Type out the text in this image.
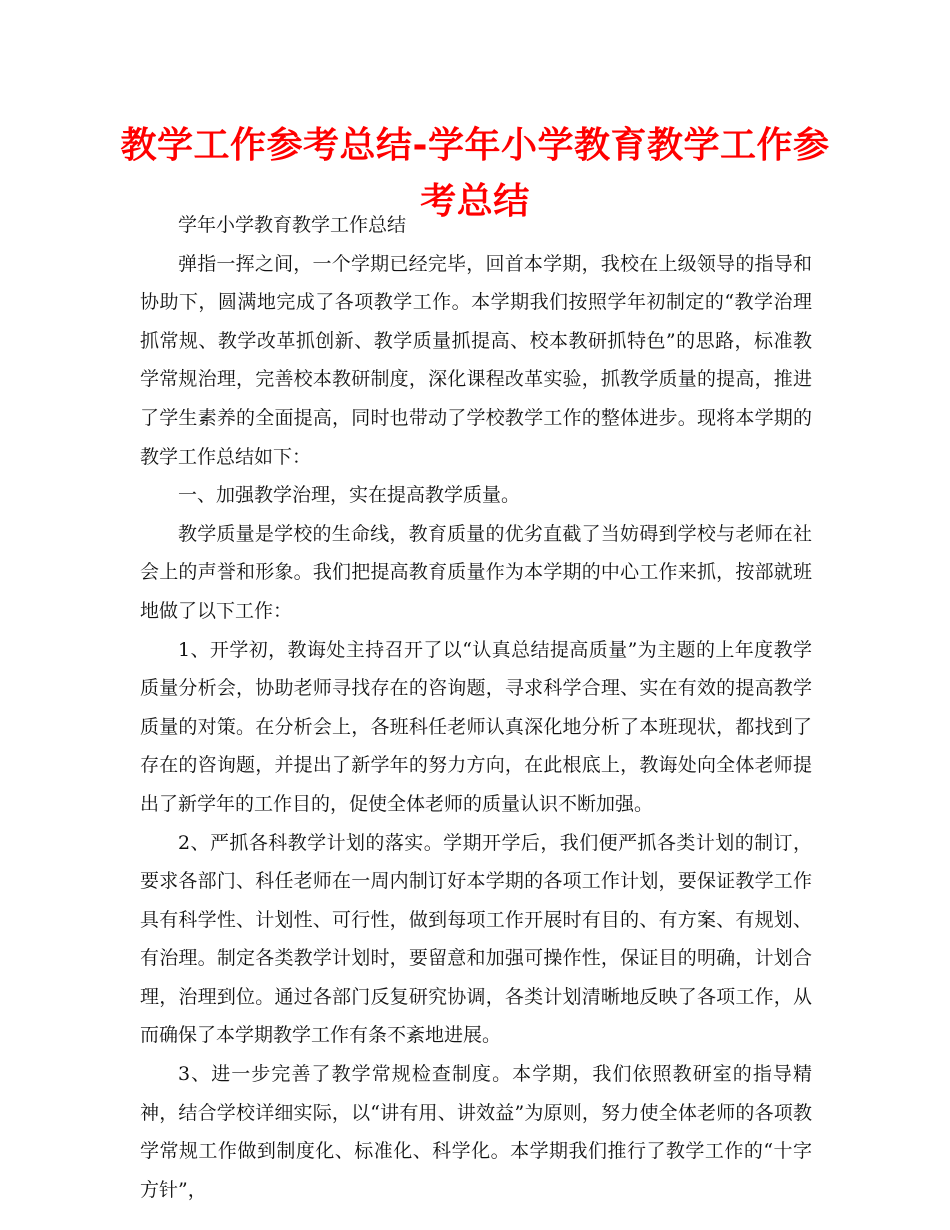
教学工作参考总结-学年小学教育教学工作参考总结

学年小学教育教学工作总结

弹指一挥之间，一个学期已经完毕，回首本学期，我校在上级领导的指导和协助下，圆满地完成了各项教学工作。本学期我们按照学年初制定的“教学治理抓常规、教学改革抓创新、教学质量抓提高、校本教研抓特色”的思路，标准教学常规治理，完善校本教研制度，深化课程改革实验，抓教学质量的提高，推进了学生素养的全面提高，同时也带动了学校教学工作的整体进步。现将本学期的教学工作总结如下：

一、加强教学治理，实在提高教学质量。

教学质量是学校的生命线，教育质量的优劣直截了当妨碍到学校与老师在社会上的声誉和形象。我们把提高教育质量作为本学期的中心工作来抓，按部就班地做了以下工作：

1、开学初，教诲处主持召开了以“认真总结提高质量”为主题的上年度教学质量分析会，协助老师寻找存在的咨询题，寻求科学合理、实在有效的提高教学质量的对策。在分析会上，各班科任老师认真深化地分析了本班现状，都找到了存在的咨询题，并提出了新学年的努力方向，在此根底上，教诲处向全体老师提出了新学年的工作目的，促使全体老师的质量认识不断加强。

2、严抓各科教学计划的落实。学期开学后，我们便严抓各类计划的制订，要求各部门、科任老师在一周内制订好本学期的各项工作计划，要保证教学工作具有科学性、计划性、可行性，做到每项工作开展时有目的、有方案、有规划、有治理。制定各类教学计划时，要留意和加强可操作性，保证目的明确，计划合理，治理到位。通过各部门反复研究协调，各类计划清晰地反映了各项工作，从而确保了本学期教学工作有条不紊地进展。

3、进一步完善了教学常规检查制度。本学期，我们依照教研室的指导精神，结合学校详细实际，以“讲有用、讲效益”为原则，努力使全体老师的各项教学常规工作做到制度化、标准化、科学化。本学期我们推行了教学工作的“十字方针”，
